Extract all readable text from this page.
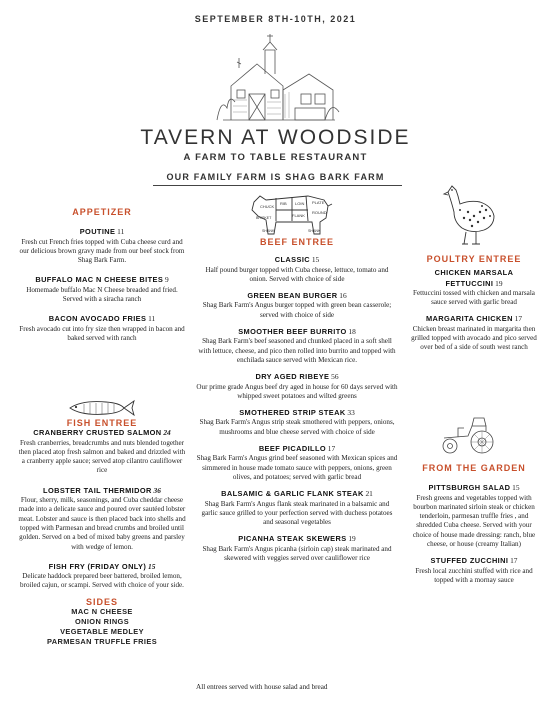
SEPTEMBER 8TH-10TH, 2021
TAVERN AT WOODSIDE
A FARM TO TABLE RESTAURANT
OUR FAMILY FARM IS SHAG BARK FARM
PLATE
CHUCK
RIB LOIN
ROUND
BRISKET	FLANK
SHANK	SHANK
APPETIZER
POUTINE 11
Fresh cut French fries topped with Cuba cheese curd and our delicious brown gravy made from our beef stock from Shag Bark Farm.
BUFFALO MAC N CHEESE BITES 9
Homemade buffalo Mac N Cheese breaded and fried. Served with a siracha ranch
BACON AVOCADO FRIES 11
Fresh avocado cut into fry size then wrapped in bacon and baked served with ranch
FISH ENTREE
CRANBERRY CRUSTED SALMON 24
Fresh cranberries, breadcrumbs and nuts blended together then placed atop fresh salmon and baked and drizzled with a cranberry apple sauce; served atop cilantro cauliflower rice
LOBSTER TAIL THERMIDOR 36
Flour, sherry, milk, seasonings, and Cuba cheddar cheese made into a delicate sauce and poured over sautéed lobster meat. Lobster and sauce is then placed back into shells and topped with Parmesan and bread crumbs and broiled until golden. Served on a bed of mixed baby greens and parsley with wedge of lemon.
FISH FRY (FRIDAY ONLY) 15
Delicate haddock prepared beer battered, broiled lemon, broiled cajun, or scampi. Served with choice of your side.
SIDES
MAC N CHEESE
ONION RINGS
VEGETABLE MEDLEY
PARMESAN TRUFFLE FRIES
BEEF ENTREE
CLASSIC 15
Half pound burger topped with Cuba cheese, lettuce, tomato and onion. Served with choice of side
GREEN BEAN BURGER 16
Shag Bark Farm's Angus burger topped with green bean casserole; served with choice of side
SMOOTHER BEEF BURRITO 18
Shag Bark Farm's beef seasoned and chunked placed in a soft shell with lettuce, cheese, and pico then rolled into burrito and topped with enchilada sauce served with Mexican rice.
DRY AGED RIBEYE 56
Our prime grade Angus beef dry aged in house for 60 days served with whipped sweet potatoes and wilted greens
SMOTHERED STRIP STEAK 33
Shag Bark Farm's Angus strip steak smothered with peppers, onions, mushrooms and blue cheese served with choice of side
BEEF PICADILLO 17
Shag Bark Farm's Angus grind beef seasoned with Mexican spices and simmered in house made tomato sauce with peppers, onions, green olives, and potatoes; served with garlic bread
BALSAMIC & GARLIC FLANK STEAK 21
Shag Bark Farm's Angus flank steak marinated in a balsamic and garlic sauce grilled to your perfection served with duchess potatoes and seasonal vegetables
PICANHA STEAK SKEWERS 19
Shag Bark Farm's Angus picanha (sirloin cap) steak marinated and skewered with veggies served over cauliflower rice
All entrees served with house salad and bread
POULTRY ENTREE
CHICKEN MARSALA FETTUCCINI 19
Fettuccini tossed with chicken and marsala sauce served with garlic bread
MARGARITA CHICKEN 17
Chicken breast marinated in margarita then grilled topped with avocado and pico served over bed of a side of south west ranch
FROM THE GARDEN
PITTSBURGH SALAD 15
Fresh greens and vegetables topped with bourbon marinated sirloin steak or chicken tenderloin, parmesan truffle fries , and shredded Cuba cheese. Served with your choice of house made dressing: ranch, blue cheese, or house (creamy Italian)
STUFFED ZUCCHINI 17
Fresh local zucchini stuffed with rice and topped with a mornay sauce
